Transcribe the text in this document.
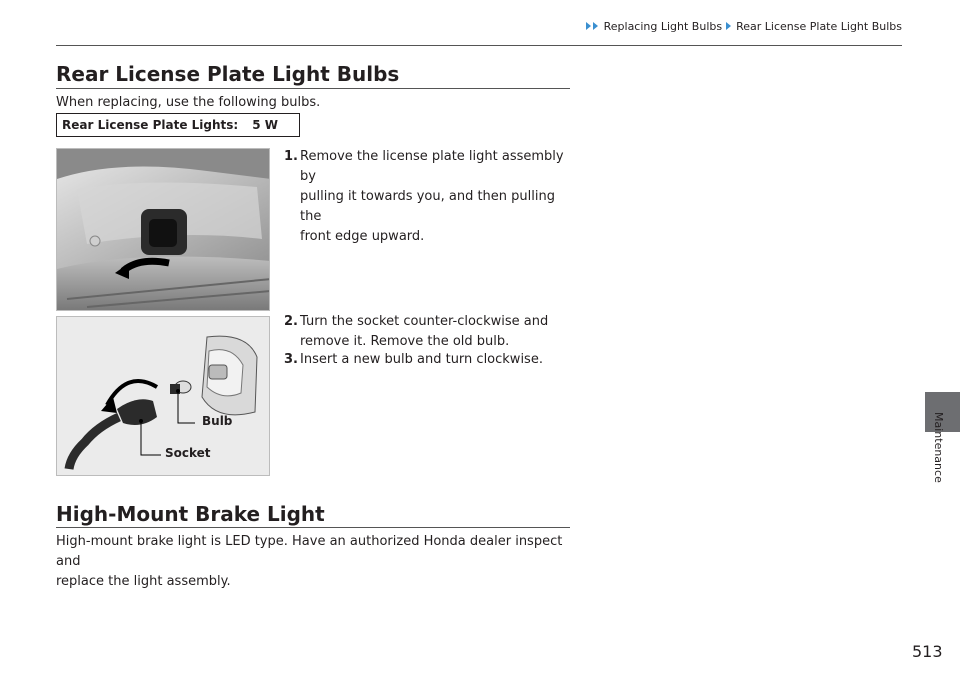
Replacing Light Bulbs Rear License Plate Light Bulbs
Rear License Plate Light Bulbs
When replacing, use the following bulbs.
Rear License Plate Lights: 5 W
1. Remove the license plate light assembly by
pulling it towards you, and then pulling the
front edge upward.
2. Turn the socket counter-clockwise and
remove it. Remove the old bulb.
3. Insert a new bulb and turn clockwise.
Bulb
Socket
High-Mount Brake Light
High-mount brake light is LED type. Have an authorized Honda dealer inspect and
replace the light assembly.
Maintenance
513
